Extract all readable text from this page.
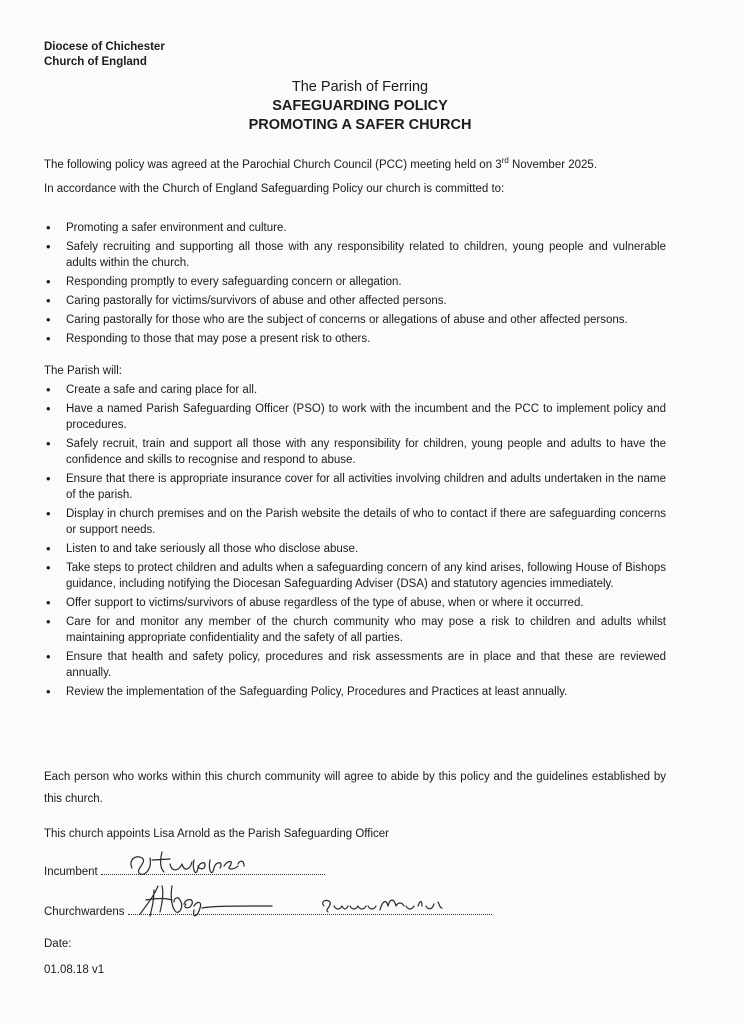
Diocese of Chichester
Church of England
The Parish of Ferring
SAFEGUARDING POLICY
PROMOTING A SAFER CHURCH
The following policy was agreed at the Parochial Church Council (PCC) meeting held on 3rd November 2025.
In accordance with the Church of England Safeguarding Policy our church is committed to:
• Promoting a safer environment and culture.
• Safely recruiting and supporting all those with any responsibility related to children, young people and vulnerable adults within the church.
• Responding promptly to every safeguarding concern or allegation.
• Caring pastorally for victims/survivors of abuse and other affected persons.
• Caring pastorally for those who are the subject of concerns or allegations of abuse and other affected persons.
• Responding to those that may pose a present risk to others.
The Parish will:
• Create a safe and caring place for all.
• Have a named Parish Safeguarding Officer (PSO) to work with the incumbent and the PCC to implement policy and procedures.
• Safely recruit, train and support all those with any responsibility for children, young people and adults to have the confidence and skills to recognise and respond to abuse.
• Ensure that there is appropriate insurance cover for all activities involving children and adults undertaken in the name of the parish.
• Display in church premises and on the Parish website the details of who to contact if there are safeguarding concerns or support needs.
• Listen to and take seriously all those who disclose abuse.
• Take steps to protect children and adults when a safeguarding concern of any kind arises, following House of Bishops guidance, including notifying the Diocesan Safeguarding Adviser (DSA) and statutory agencies immediately.
• Offer support to victims/survivors of abuse regardless of the type of abuse, when or where it occurred.
• Care for and monitor any member of the church community who may pose a risk to children and adults whilst maintaining appropriate confidentiality and the safety of all parties.
• Ensure that health and safety policy, procedures and risk assessments are in place and that these are reviewed annually.
• Review the implementation of the Safeguarding Policy, Procedures and Practices at least annually.
Each person who works within this church community will agree to abide by this policy and the guidelines established by this church.
This church appoints Lisa Arnold as the Parish Safeguarding Officer
Incumbent
Churchwardens
Date:
01.08.18 v1
